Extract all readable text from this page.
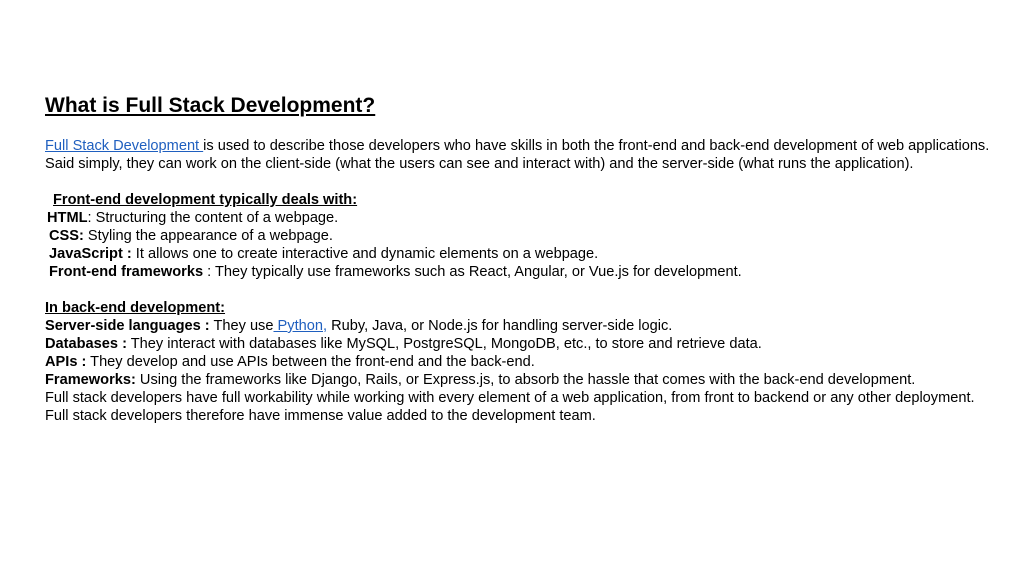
What is Full Stack Development?

Full Stack Development is used to describe those developers who have skills in both the front-end and back-end development of web applications. Said simply, they can work on the client-side (what the users can see and interact with) and the server-side (what runs the application).

Front-end development typically deals with:
HTML: Structuring the content of a webpage.
CSS: Styling the appearance of a webpage.
JavaScript : It allows one to create interactive and dynamic elements on a webpage.
Front-end frameworks : They typically use frameworks such as React, Angular, or Vue.js for development.
In back-end development:
Server-side languages : They use Python, Ruby, Java, or Node.js for handling server-side logic.
Databases : They interact with databases like MySQL, PostgreSQL, MongoDB, etc., to store and retrieve data.
APIs : They develop and use APIs between the front-end and the back-end.
Frameworks: Using the frameworks like Django, Rails, or Express.js, to absorb the hassle that comes with the back-end development.

Full stack developers have full workability while working with every element of a web application, from front to backend or any other deployment. Full stack developers therefore have immense value added to the development team.
